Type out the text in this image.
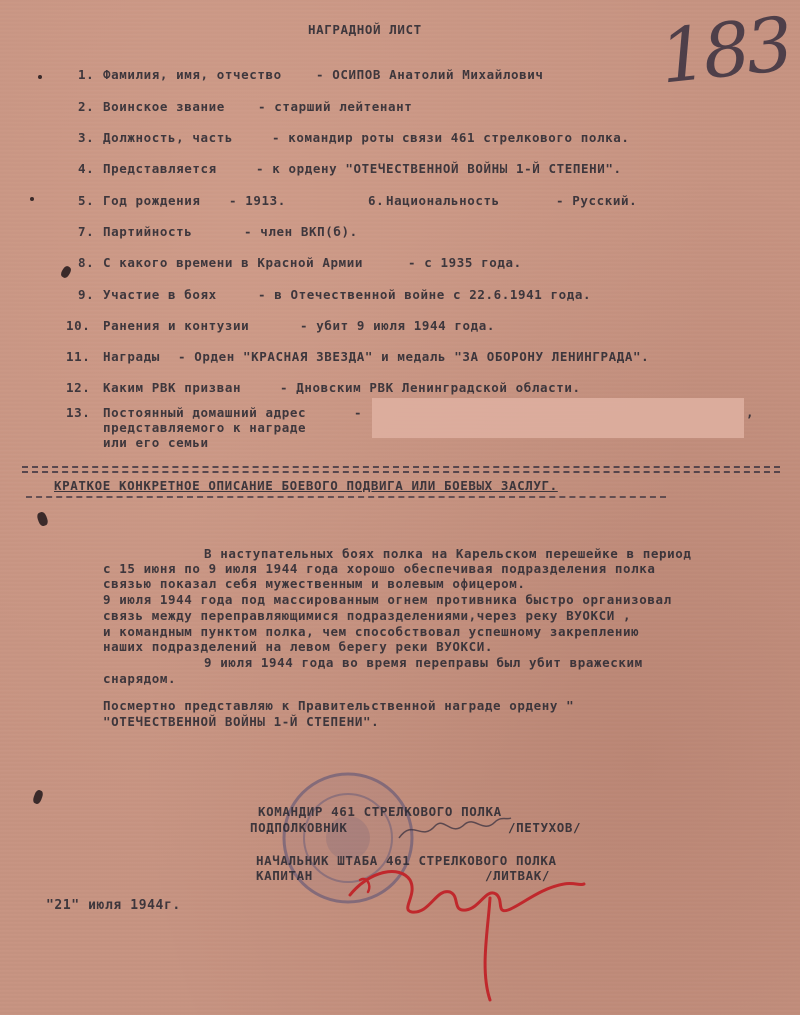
НАГРАДНОЙ ЛИСТ	183
1. Фамилия, имя, отчество	- ОСИПОВ Анатолий Михайлович
2. Воинское звание	- старший лейтенант
3. Должность, часть	- командир роты связи 461 стрелкового полка.
4. Представляется	- к ордену "ОТЕЧЕСТВЕННОЙ ВОЙНЫ 1-Й СТЕПЕНИ".
5. Год рождения - 1913.	6. Национальность	- Русский.
7. Партийность	- член ВКП(б).
8. С какого времени в Красной Армии	- с 1935 года.
9. Участие в боях	- в Отечественной войне с 22.6.1941 года.
10. Ранения и контузии	- убит 9 июля 1944 года.
11. Награды - Орден "КРАСНАЯ ЗВЕЗДА" и медаль "ЗА ОБОРОНУ ЛЕНИНГРАДА".
12. Каким РВК призван	- Дновским РВК Ленинградской области.
13. Постоянный домашний адрес	-
представляемого к награде
или его семьи
,
КРАТКОЕ КОНКРЕТНОЕ ОПИСАНИЕ БОЕВОГО ПОДВИГА ИЛИ БОЕВЫХ ЗАСЛУГ.
В наступательных боях полка на Карельском перешейке в период
с 15 июня по 9 июля 1944 года хорошо обеспечивая подразделения полка
связью показал себя мужественным и волевым офицером.
9 июля 1944 года под массированным огнем противника быстро организовал
связь между переправляющимися подразделениями,через реку ВУОКСИ ,
и командным пунктом полка, чем способствовал успешному закреплению
наших подразделений на левом берегу реки ВУОКСИ.
9 июля 1944 года во время переправы был убит вражеским
снарядом.
Посмертно представляю к Правительственной награде ордену "
"ОТЕЧЕСТВЕННОЙ ВОЙНЫ 1-Й СТЕПЕНИ".
КОМАНДИР 461 СТРЕЛКОВОГО ПОЛКА
ПОДПОЛКОВНИК	/ПЕТУХОВ/
НАЧАЛЬНИК ШТАБА 461 СТРЕЛКОВОГО ПОЛКА
КАПИТАН	/ЛИТВАК/
"21" июля 1944г.
